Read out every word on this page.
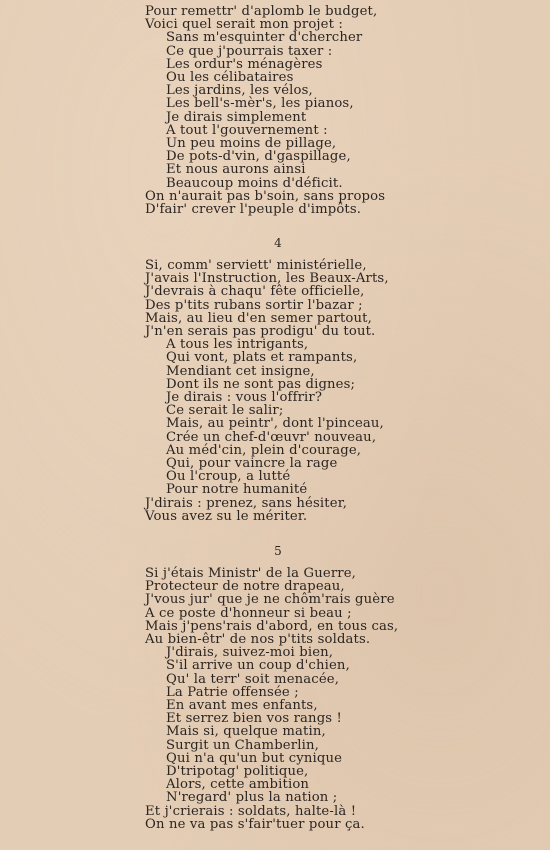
Pour remettr' d'aplomb le budget,
Voici quel serait mon projet :
Sans m'esquinter d'chercher
Ce que j'pourrais taxer :
Les ordur's ménagères
Ou les célibataires
Les jardins, les vélos,
Les bell's-mèr's, les pianos,
Je dirais simplement
A tout l'gouvernement :
Un peu moins de pillage,
De pots-d'vin, d'gaspillage,
Et nous aurons ainsi
Beaucoup moins d'déficit.
On n'aurait pas b'soin, sans propos
D'fair' crever l'peuple d'impôts.
4
Si, comm' serviett' ministérielle,
J'avais l'Instruction, les Beaux-Arts,
J'devrais à chaqu' fête officielle,
Des p'tits rubans sortir l'bazar ;
Mais, au lieu d'en semer partout,
J'n'en serais pas prodigu' du tout.
A tous les intrigants,
Qui vont, plats et rampants,
Mendiant cet insigne,
Dont ils ne sont pas dignes;
Je dirais : vous l'offrir?
Ce serait le salir;
Mais, au peintr', dont l'pinceau,
Crée un chef-d'œuvr' nouveau,
Au méd'cin, plein d'courage,
Qui, pour vaincre la rage
Ou l'croup, a lutté
Pour notre humanité
J'dirais : prenez, sans hésiter,
Vous avez su le mériter.
5
Si j'étais Ministr' de la Guerre,
Protecteur de notre drapeau,
J'vous jur' que je ne chôm'rais guère
A ce poste d'honneur si beau ;
Mais j'pens'rais d'abord, en tous cas,
Au bien-êtr' de nos p'tits soldats.
J'dirais, suivez-moi bien,
S'il arrive un coup d'chien,
Qu' la terr' soit menacée,
La Patrie offensée ;
En avant mes enfants,
Et serrez bien vos rangs !
Mais si, quelque matin,
Surgit un Chamberlin,
Qui n'a qu'un but cynique
D'tripotag' politique,
Alors, cette ambition
N'regard' plus la nation ;
Et j'crierais : soldats, halte-là !
On ne va pas s'fair'tuer pour ça.
